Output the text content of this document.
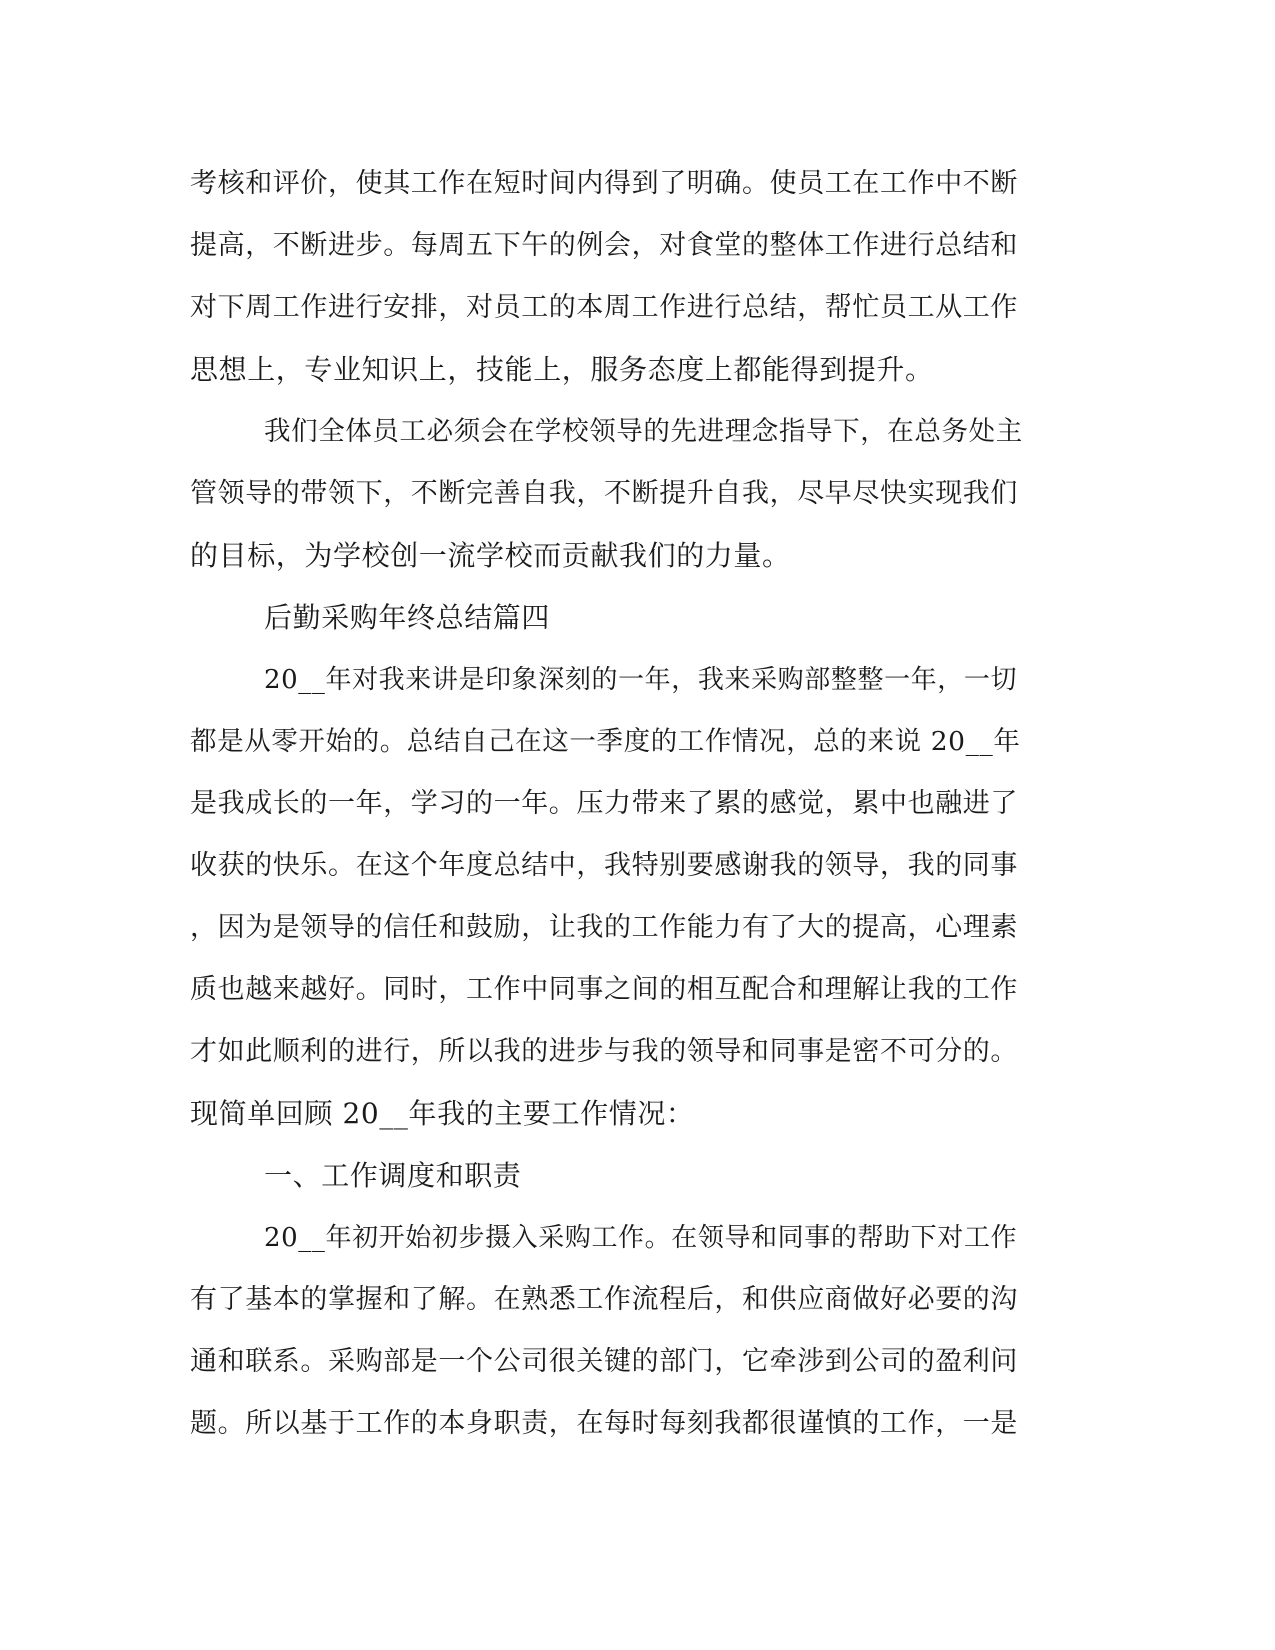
考核和评价，使其工作在短时间内得到了明确。使员工在工作中不断
提高，不断进步。每周五下午的例会，对食堂的整体工作进行总结和
对下周工作进行安排，对员工的本周工作进行总结，帮忙员工从工作
思想上，专业知识上，技能上，服务态度上都能得到提升。
我们全体员工必须会在学校领导的先进理念指导下，在总务处主
管领导的带领下，不断完善自我，不断提升自我，尽早尽快实现我们
的目标，为学校创一流学校而贡献我们的力量。
后勤采购年终总结篇四
20__年对我来讲是印象深刻的一年，我来采购部整整一年，一切
都是从零开始的。总结自己在这一季度的工作情况，总的来说 20__年
是我成长的一年，学习的一年。压力带来了累的感觉，累中也融进了
收获的快乐。在这个年度总结中，我特别要感谢我的领导，我的同事
，因为是领导的信任和鼓励，让我的工作能力有了大的提高，心理素
质也越来越好。同时，工作中同事之间的相互配合和理解让我的工作
才如此顺利的进行，所以我的进步与我的领导和同事是密不可分的。
现简单回顾 20__年我的主要工作情况：
一、工作调度和职责
20__年初开始初步摄入采购工作。在领导和同事的帮助下对工作
有了基本的掌握和了解。在熟悉工作流程后，和供应商做好必要的沟
通和联系。采购部是一个公司很关键的部门，它牵涉到公司的盈利问
题。所以基于工作的本身职责，在每时每刻我都很谨慎的工作，一是
